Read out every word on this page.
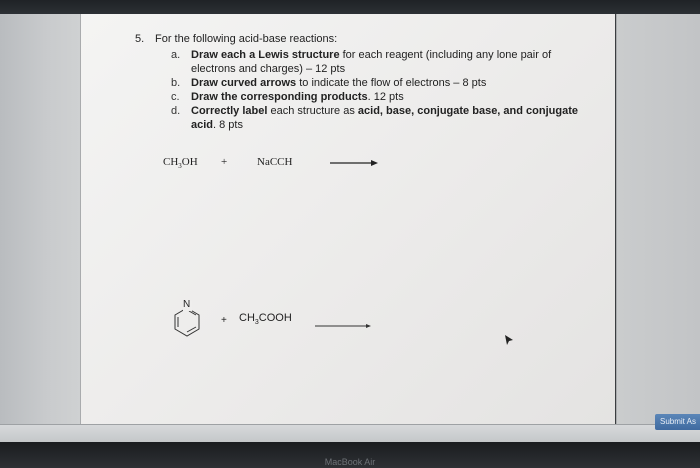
5. For the following acid-base reactions:
a. Draw each a Lewis structure for each reagent (including any lone pair of electrons and charges) – 12 pts
b. Draw curved arrows to indicate the flow of electrons – 8 pts
c. Draw the corresponding products. 12 pts
d. Correctly label each structure as acid, base, conjugate base, and conjugate acid. 8 pts
$CH_3OH$ +	NaCCH
N
+ $CH_3COOH$ →
Submit As
MacBook Air
